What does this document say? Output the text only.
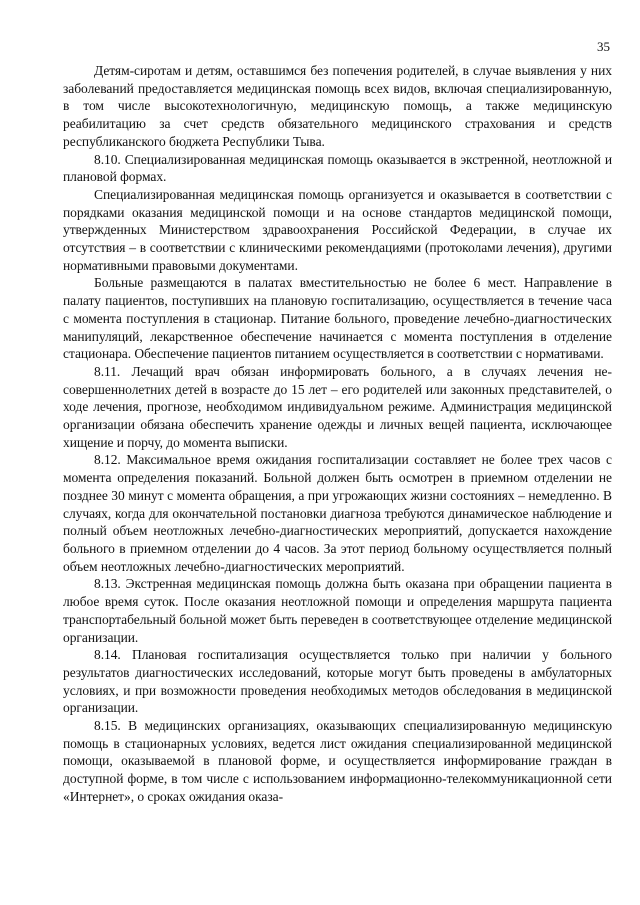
35

Детям-сиротам и детям, оставшимся без попечения родителей, в случае выявления у них заболеваний предоставляется медицинская помощь всех видов, включая специализированную, в том числе высокотехнологичную, медицинскую помощь, а также медицинскую реабилитацию за счет средств обязательного медицинского страхования и средств республиканского бюджета Республики Тыва.

8.10. Специализированная медицинская помощь оказывается в экстренной, неотложной и плановой формах.

Специализированная медицинская помощь организуется и оказывается в соответствии с порядками оказания медицинской помощи и на основе стандартов медицинской помощи, утвержденных Министерством здравоохранения Российской Федерации, в случае их отсутствия – в соответствии с клиническими рекомендациями (протоколами лечения), другими нормативными правовыми документами.

Больные размещаются в палатах вместительностью не более 6 мест. Направление в палату пациентов, поступивших на плановую госпитализацию, осуществляется в течение часа с момента поступления в стационар. Питание больного, проведение лечебно-диагностических манипуляций, лекарственное обеспечение начинается с момента поступления в отделение стационара. Обеспечение пациентов питанием осуществляется в соответствии с нормативами.

8.11. Лечащий врач обязан информировать больного, а в случаях лечения несовершеннолетних детей в возрасте до 15 лет – его родителей или законных представителей, о ходе лечения, прогнозе, необходимом индивидуальном режиме. Администрация медицинской организации обязана обеспечить хранение одежды и личных вещей пациента, исключающее хищение и порчу, до момента выписки.

8.12. Максимальное время ожидания госпитализации составляет не более трех часов с момента определения показаний. Больной должен быть осмотрен в приемном отделении не позднее 30 минут с момента обращения, а при угрожающих жизни состояниях – немедленно. В случаях, когда для окончательной постановки диагноза требуются динамическое наблюдение и полный объем неотложных лечебно-диагностических мероприятий, допускается нахождение больного в приемном отделении до 4 часов. За этот период больному осуществляется полный объем неотложных лечебно-диагностических мероприятий.

8.13. Экстренная медицинская помощь должна быть оказана при обращении пациента в любое время суток. После оказания неотложной помощи и определения маршрута пациента транспортабельный больной может быть переведен в соответствующее отделение медицинской организации.

8.14. Плановая госпитализация осуществляется только при наличии у больного результатов диагностических исследований, которые могут быть проведены в амбулаторных условиях, и при возможности проведения необходимых методов обследования в медицинской организации.

8.15. В медицинских организациях, оказывающих специализированную медицинскую помощь в стационарных условиях, ведется лист ожидания специализированной медицинской помощи, оказываемой в плановой форме, и осуществляется информирование граждан в доступной форме, в том числе с использованием информационно-телекоммуникационной сети «Интернет», о сроках ожидания оказа-
